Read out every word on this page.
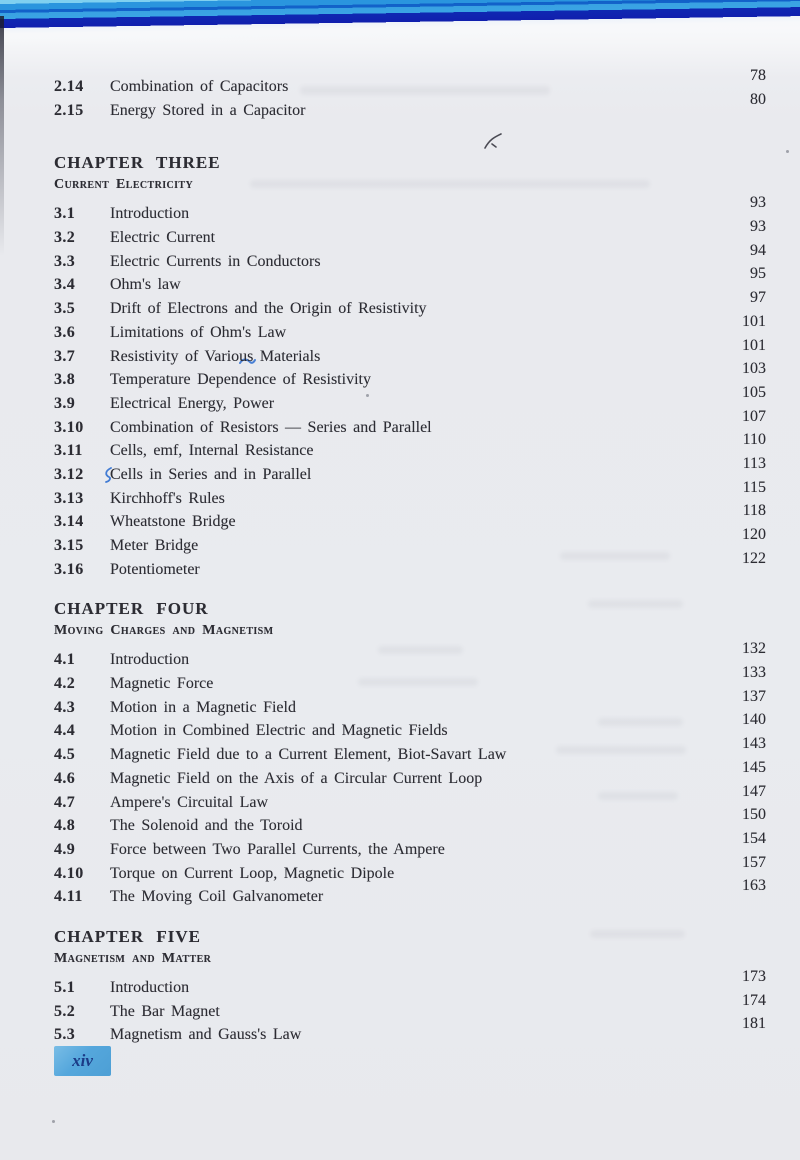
2.14 Combination of Capacitors
78
2.15 Energy Stored in a Capacitor
80
CHAPTER THREE
Current Electricity
3.1 Introduction
93
3.2 Electric Current
93
3.3 Electric Currents in Conductors
94
3.4 Ohm's law
95
3.5 Drift of Electrons and the Origin of Resistivity
97
3.6 Limitations of Ohm's Law
101
3.7 Resistivity of Various Materials
101
3.8 Temperature Dependence of Resistivity
103
3.9 Electrical Energy, Power
105
3.10 Combination of Resistors — Series and Parallel
107
3.11 Cells, emf, Internal Resistance
110
3.12 Cells in Series and in Parallel
113
3.13 Kirchhoff's Rules
115
3.14 Wheatstone Bridge
118
3.15 Meter Bridge
120
3.16 Potentiometer
122
CHAPTER FOUR
Moving Charges and Magnetism
4.1 Introduction
132
4.2 Magnetic Force
133
4.3 Motion in a Magnetic Field
137
4.4 Motion in Combined Electric and Magnetic Fields
140
4.5 Magnetic Field due to a Current Element, Biot-Savart Law
143
4.6 Magnetic Field on the Axis of a Circular Current Loop
145
4.7 Ampere's Circuital Law
147
4.8 The Solenoid and the Toroid
150
4.9 Force between Two Parallel Currents, the Ampere
154
4.10 Torque on Current Loop, Magnetic Dipole
157
4.11 The Moving Coil Galvanometer
163
CHAPTER FIVE
Magnetism and Matter
5.1 Introduction
173
5.2 The Bar Magnet
174
5.3 Magnetism and Gauss's Law
181
xiv
